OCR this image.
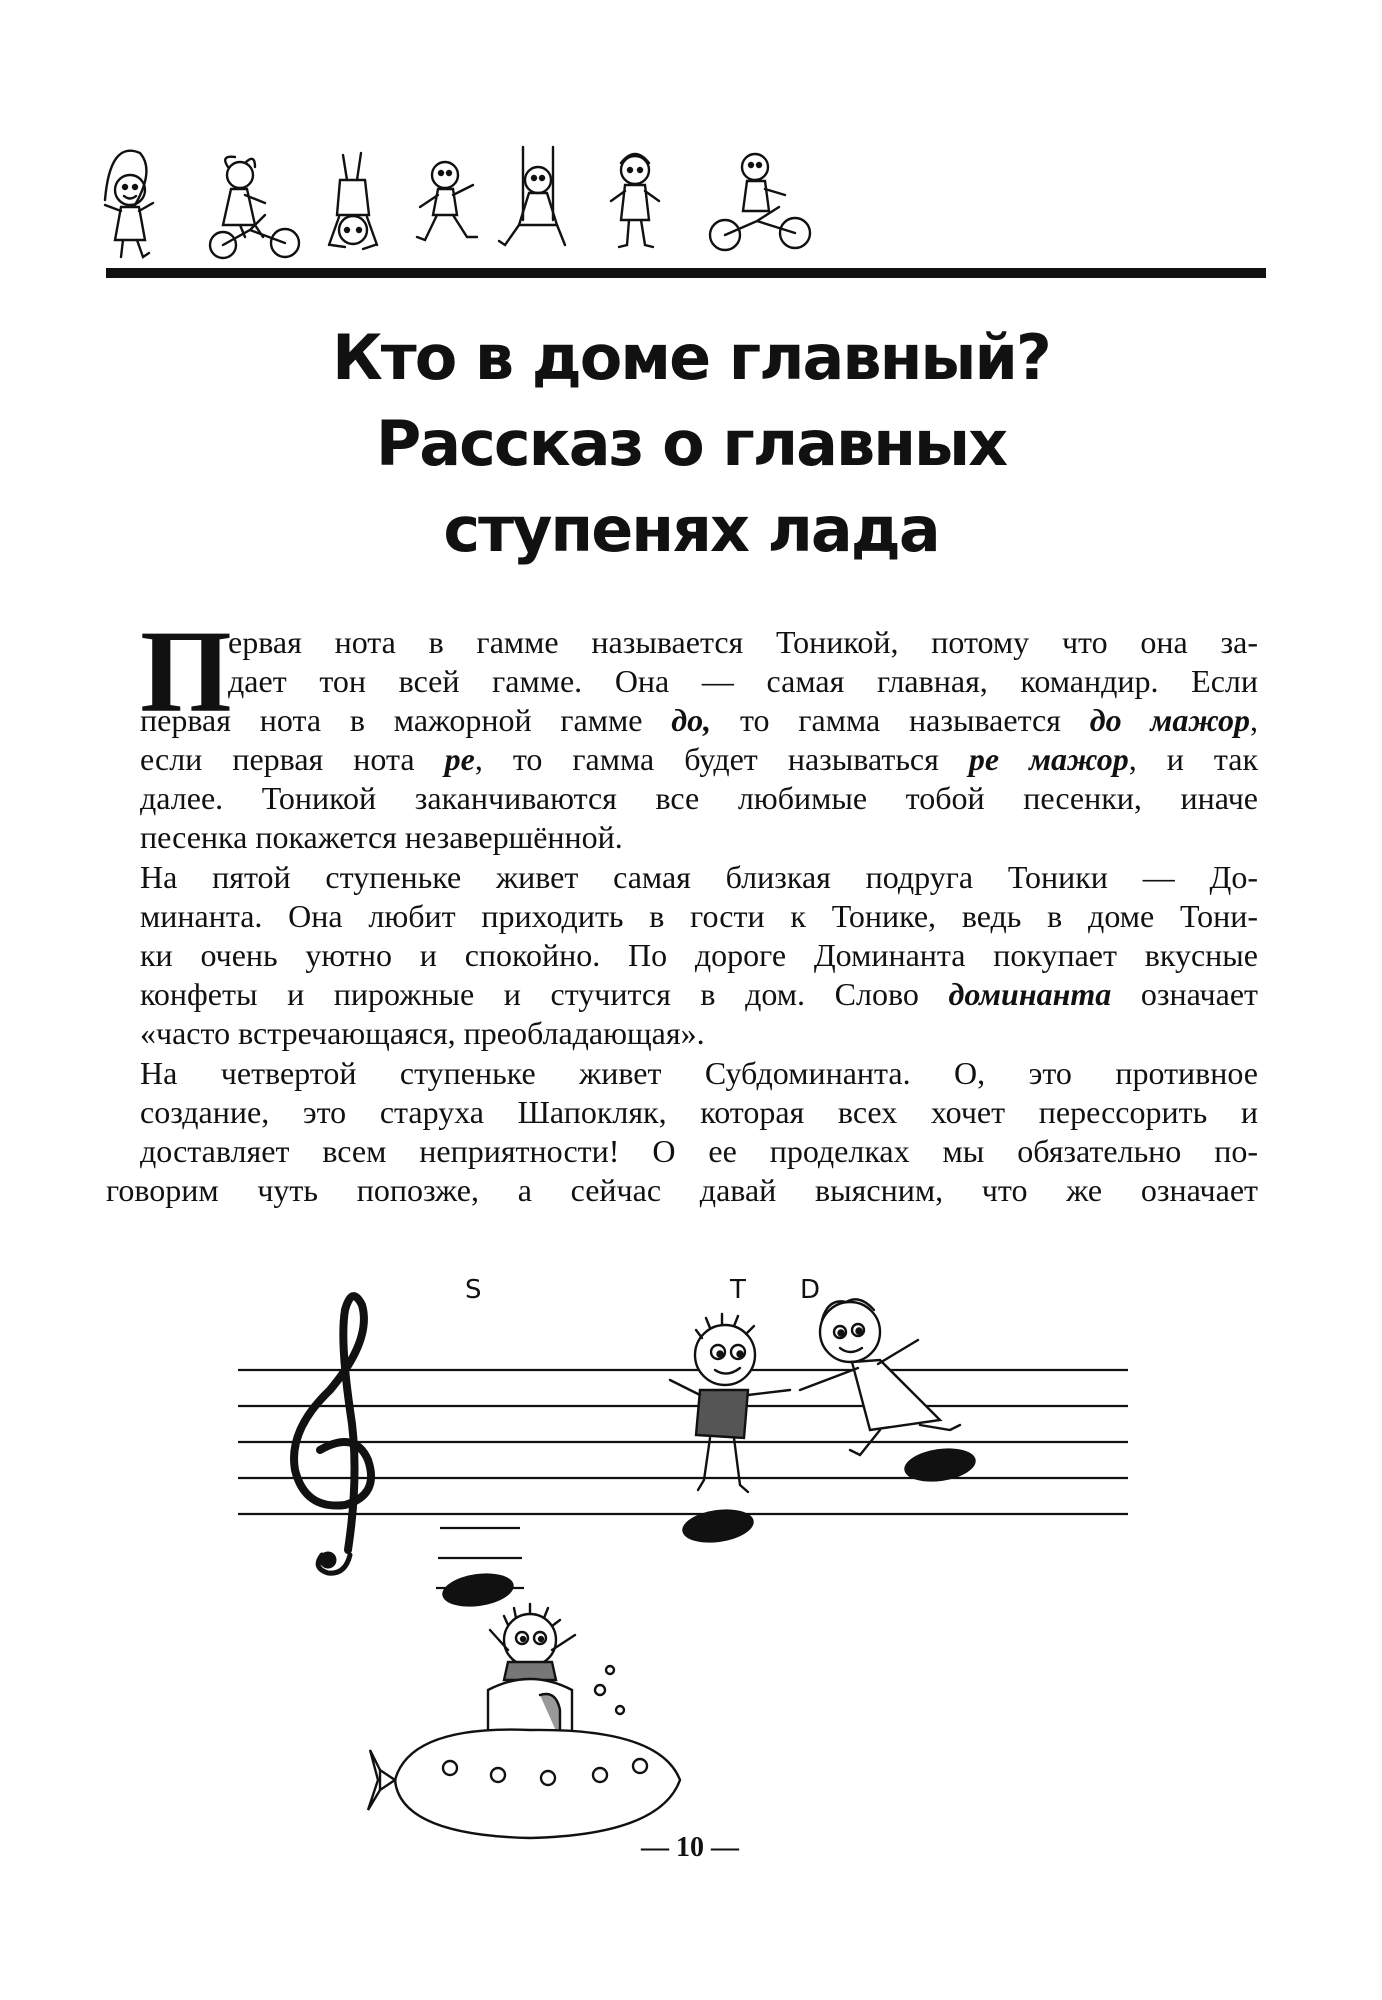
Кто в доме главный?
Рассказ о главных
ступенях лада
П
ервая нота в гамме называется Тоникой, потому что она за-
дает тон всей гамме. Она — самая главная, командир. Если
первая нота в мажорной гамме до, то гамма называется до мажор,
если первая нота ре, то гамма будет называться ре мажор, и так
далее. Тоникой заканчиваются все любимые тобой песенки, иначе
песенка покажется незавершённой.
На пятой ступеньке живет самая близкая подруга Тоники — До-
минанта. Она любит приходить в гости к Тонике, ведь в доме Тони-
ки очень уютно и спокойно. По дороге Доминанта покупает вкусные
конфеты и пирожные и стучится в дом. Слово доминанта означает
«часто встречающаяся, преобладающая».
На четвертой ступеньке живет Субдоминанта. О, это противное
создание, это старуха Шапокляк, которая всех хочет перессорить и
доставляет всем неприятности! О ее проделках мы обязательно по-
говорим чуть попозже, а сейчас давай выясним, что же означает
S	T D
— 10 —
